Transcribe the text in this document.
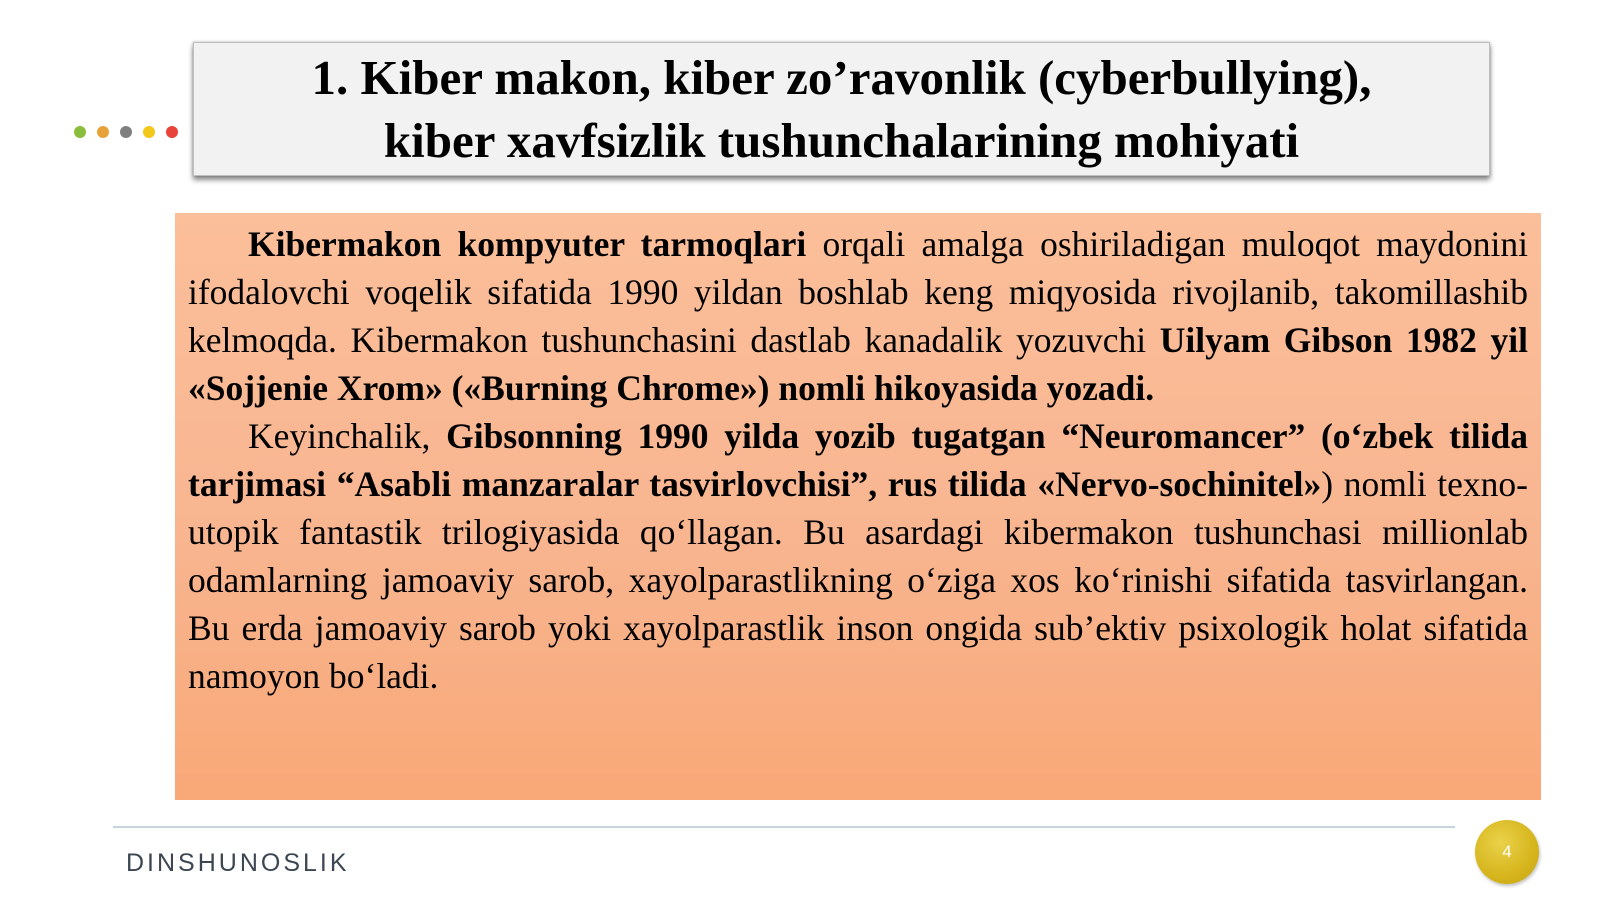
1. Kiber makon, kiber zo’ravonlik (cyberbullying),
kiber xavfsizlik tushunchalarining mohiyati

Kibermakon kompyuter tarmoqlari orqali amalga oshiriladigan muloqot maydonini ifodalovchi voqelik sifatida 1990 yildan boshlab keng miqyosida rivojlanib, takomillashib kelmoqda. Kibermakon tushunchasini dastlab kanadalik yozuvchi Uilyam Gibson 1982 yil «Sojjenie Xrom» («Burning Chrome») nomli hikoyasida yozadi.

Keyinchalik, Gibsonning 1990 yilda yozib tugatgan “Neuromancer” (o‘zbek tilida tarjimasi “Asabli manzaralar tasvirlovchisi”, rus tilida «Nervo-sochinitel») nomli texno-utopik fantastik trilogiyasida qo‘llagan. Bu asardagi kibermakon tushunchasi millionlab odamlarning jamoaviy sarob, xayolparastlikning o‘ziga xos ko‘rinishi sifatida tasvirlangan. Bu erda jamoaviy sarob yoki xayolparastlik inson ongida sub’ektiv psixologik holat sifatida namoyon bo‘ladi.

DINSHUNOSLIK	4
